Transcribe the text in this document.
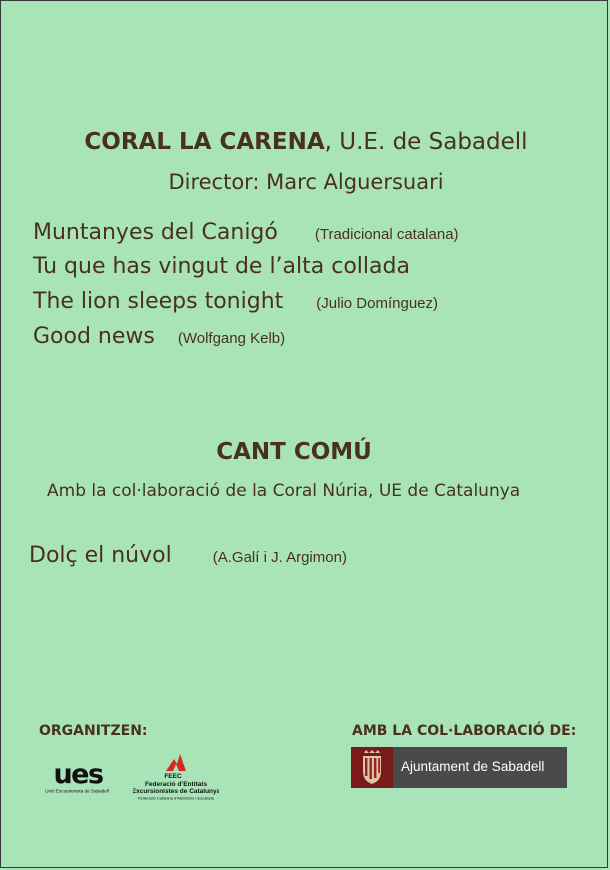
CORAL LA CARENA, U.E. de Sabadell
Director: Marc Alguersuari
Muntanyes del Canigó (Tradicional catalana)
Tu que has vingut de l’alta collada
The lion sleeps tonight (Julio Domínguez)
Good news (Wolfgang Kelb)
CANT COMÚ
Amb la col·laboració de la Coral Núria, UE de Catalunya
Dolç el núvol	(A.Galí i J. Argimon)
ORGANITZEN:	AMB LA COL·LABORACIÓ DE:
ues
Unió Excursionista de Sabadell
FEEC
Federació d’Entitats
Excursionistes de Catalunya
Federació Catalana d’Alpinisme i Escalada
Ajuntament de Sabadell
